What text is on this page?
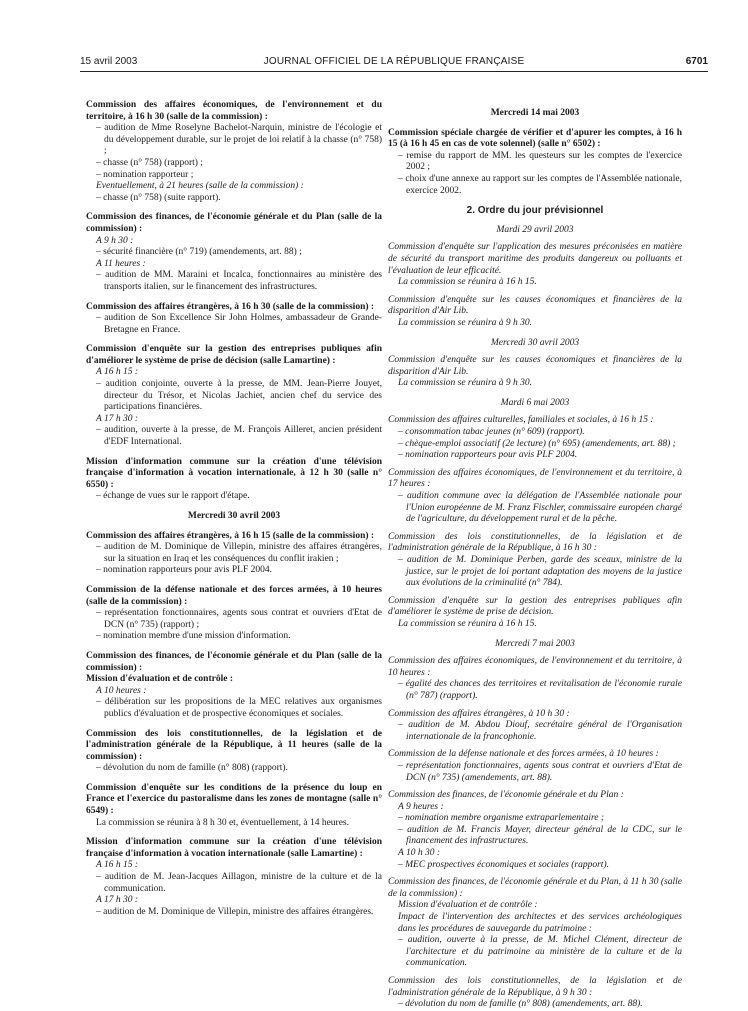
15 avril 2003	JOURNAL OFFICIEL DE LA RÉPUBLIQUE FRANÇAISE	6701

Commission des affaires économiques, de l'environnement et du territoire, à 16 h 30 (salle de la commission) :

– audition de Mme Roselyne Bachelot-Narquin, ministre de l'écologie et du développement durable, sur le projet de loi relatif à la chasse (n° 758) ;

– chasse (n° 758) (rapport) ;

– nomination rapporteur ;

Eventuellement, à 21 heures (salle de la commission) :

– chasse (n° 758) (suite rapport).

Commission des finances, de l'économie générale et du Plan (salle de la commission) :

A 9 h 30 :

– sécurité financière (n° 719) (amendements, art. 88) ;

A 11 heures :

– audition de MM. Maraini et Incalca, fonctionnaires au ministère des transports italien, sur le financement des infrastructures.

Commission des affaires étrangères, à 16 h 30 (salle de la commission) :

– audition de Son Excellence Sir John Holmes, ambassadeur de Grande-Bretagne en France.

Commission d'enquête sur la gestion des entreprises publiques afin d'améliorer le système de prise de décision (salle Lamartine) :

A 16 h 15 :

– audition conjointe, ouverte à la presse, de MM. Jean-Pierre Jouyet, directeur du Trésor, et Nicolas Jachiet, ancien chef du service des participations financières.

A 17 h 30 :

– audition, ouverte à la presse, de M. François Ailleret, ancien président d'EDF International.

Mission d'information commune sur la création d'une télévision française d'information à vocation internationale, à 12 h 30 (salle n° 6550) :

– échange de vues sur le rapport d'étape.

Mercredi 30 avril 2003

Commission des affaires étrangères, à 16 h 15 (salle de la commission) :

– audition de M. Dominique de Villepin, ministre des affaires étrangères, sur la situation en Iraq et les conséquences du conflit irakien ;

– nomination rapporteurs pour avis PLF 2004.

Commission de la défense nationale et des forces armées, à 10 heures (salle de la commission) :

– représentation fonctionnaires, agents sous contrat et ouvriers d'Etat de DCN (n° 735) (rapport) ;

– nomination membre d'une mission d'information.

Commission des finances, de l'économie générale et du Plan (salle de la commission) :

Mission d'évaluation et de contrôle :

A 10 heures :

– délibération sur les propositions de la MEC relatives aux organismes publics d'évaluation et de prospective économiques et sociales.

Commission des lois constitutionnelles, de la législation et de l'administration générale de la République, à 11 heures (salle de la commission) :

– dévolution du nom de famille (n° 808) (rapport).

Commission d'enquête sur les conditions de la présence du loup en France et l'exercice du pastoralisme dans les zones de montagne (salle n° 6549) :

La commission se réunira à 8 h 30 et, éventuellement, à 14 heures.

Mission d'information commune sur la création d'une télévision française d'information à vocation internationale (salle Lamartine) :

A 16 h 15 :

– audition de M. Jean-Jacques Aillagon, ministre de la culture et de la communication.

A 17 h 30 :

– audition de M. Dominique de Villepin, ministre des affaires étrangères.

Mercredi 14 mai 2003

Commission spéciale chargée de vérifier et d'apurer les comptes, à 16 h 15 (à 16 h 45 en cas de vote solennel) (salle n° 6502) :

– remise du rapport de MM. les questeurs sur les comptes de l'exercice 2002 ;

– choix d'une annexe au rapport sur les comptes de l'Assemblée nationale, exercice 2002.

2. Ordre du jour prévisionnel

Mardi 29 avril 2003

Commission d'enquête sur l'application des mesures préconisées en matière de sécurité du transport maritime des produits dangereux ou polluants et l'évaluation de leur efficacité.

La commission se réunira à 16 h 15.

Commission d'enquête sur les causes économiques et financières de la disparition d'Air Lib.

La commission se réunira à 9 h 30.

Mercredi 30 avril 2003

Commission d'enquête sur les causes économiques et financières de la disparition d'Air Lib.

La commission se réunira à 9 h 30.

Mardi 6 mai 2003

Commission des affaires culturelles, familiales et sociales, à 16 h 15 :

– consommation tabac jeunes (n° 609) (rapport).

– chèque-emploi associatif (2e lecture) (n° 695) (amendements, art. 88) ;

– nomination rapporteurs pour avis PLF 2004.

Commission des affaires économiques, de l'environnement et du territoire, à 17 heures :

– audition commune avec la délégation de l'Assemblée nationale pour l'Union européenne de M. Franz Fischler, commissaire européen chargé de l'agriculture, du développement rural et de la pêche.

Commission des lois constitutionnelles, de la législation et de l'administration générale de la République, à 16 h 30 :

– audition de M. Dominique Perben, garde des sceaux, ministre de la justice, sur le projet de loi portant adaptation des moyens de la justice aux évolutions de la criminalité (n° 784).

Commission d'enquête sur la gestion des entreprises publiques afin d'améliorer le système de prise de décision.

La commission se réunira à 16 h 15.

Mercredi 7 mai 2003

Commission des affaires économiques, de l'environnement et du territoire, à 10 heures :

– égalité des chances des territoires et revitalisation de l'économie rurale (n° 787) (rapport).

Commission des affaires étrangères, à 10 h 30 :

– audition de M. Abdou Diouf, secrétaire général de l'Organisation internationale de la francophonie.

Commission de la défense nationale et des forces armées, à 10 heures :

– représentation fonctionnaires, agents sous contrat et ouvriers d'Etat de DCN (n° 735) (amendements, art. 88).

Commission des finances, de l'économie générale et du Plan :

A 9 heures :

– nomination membre organisme extraparlementaire ;

– audition de M. Francis Mayer, directeur général de la CDC, sur le financement des infrastructures.

A 10 h 30 :

– MEC prospectives économiques et sociales (rapport).

Commission des finances, de l'économie générale et du Plan, à 11 h 30 (salle de la commission) :

Mission d'évaluation et de contrôle :

Impact de l'intervention des architectes et des services archéologiques dans les procédures de sauvegarde du patrimoine :

– audition, ouverte à la presse, de M. Michel Clément, directeur de l'architecture et du patrimoine au ministère de la culture et de la communication.

Commission des lois constitutionnelles, de la législation et de l'administration générale de la République, à 9 h 30 :

– dévolution du nom de famille (n° 808) (amendements, art. 88).
